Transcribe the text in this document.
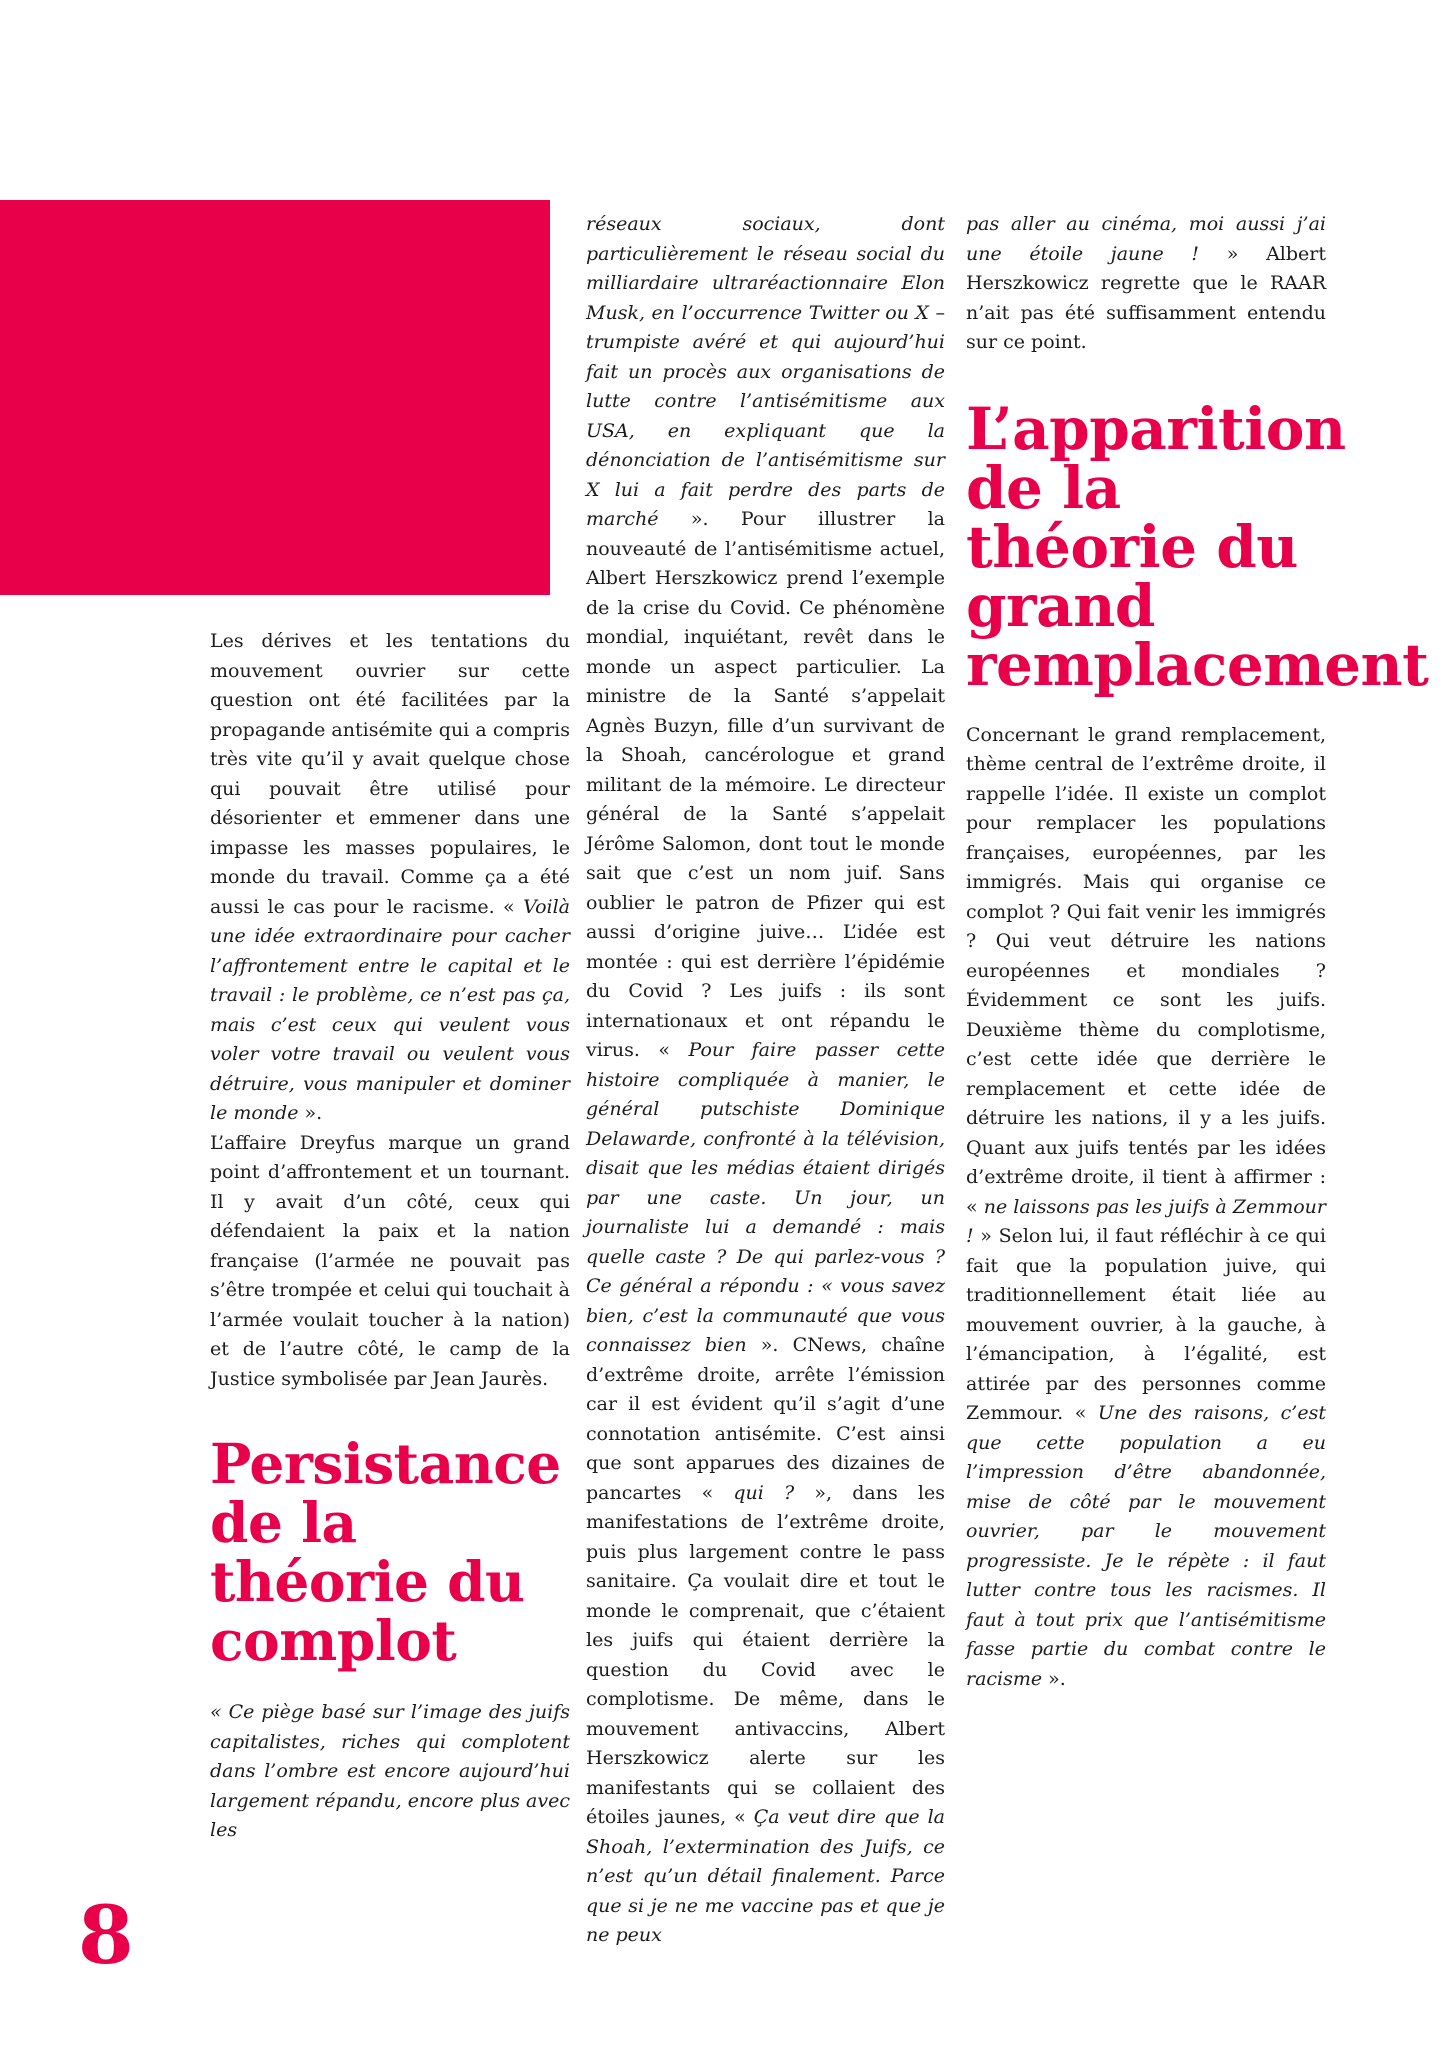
Les dérives et les tentations du mouvement ouvrier sur cette question ont été facilitées par la propagande antisémite qui a compris très vite qu’il y avait quelque chose qui pouvait être utilisé pour désorienter et emmener dans une impasse les masses populaires, le monde du travail. Comme ça a été aussi le cas pour le racisme. « Voilà une idée extraordinaire pour cacher l’affrontement entre le capital et le travail : le problème, ce n’est pas ça, mais c’est ceux qui veulent vous voler votre travail ou veulent vous détruire, vous manipuler et dominer le monde ».

L’affaire Dreyfus marque un grand point d’affrontement et un tournant. Il y avait d’un côté, ceux qui défendaient la paix et la nation française (l’armée ne pouvait pas s’être trompée et celui qui touchait à l’armée voulait toucher à la nation) et de l’autre côté, le camp de la Justice symbolisée par Jean Jaurès.

Persistance de la théorie du complot

« Ce piège basé sur l’image des juifs capitalistes, riches qui complotent dans l’ombre est encore aujourd’hui largement répandu, encore plus avec les

réseaux sociaux, dont particulièrement le réseau social du milliardaire ultraréactionnaire Elon Musk, en l’occurrence Twitter ou X – trumpiste avéré et qui aujourd’hui fait un procès aux organisations de lutte contre l’antisémitisme aux USA, en expliquant que la dénonciation de l’antisémitisme sur X lui a fait perdre des parts de marché ». Pour illustrer la nouveauté de l’antisémitisme actuel, Albert Herszkowicz prend l’exemple de la crise du Covid. Ce phénomène mondial, inquiétant, revêt dans le monde un aspect particulier. La ministre de la Santé s’appelait Agnès Buzyn, fille d’un survivant de la Shoah, cancérologue et grand militant de la mémoire. Le directeur général de la Santé s’appelait Jérôme Salomon, dont tout le monde sait que c’est un nom juif. Sans oublier le patron de Pfizer qui est aussi d’origine juive… L’idée est montée : qui est derrière l’épidémie du Covid ? Les juifs : ils sont internationaux et ont répandu le virus. « Pour faire passer cette histoire compliquée à manier, le général putschiste Dominique Delawarde, confronté à la télévision, disait que les médias étaient dirigés par une caste. Un jour, un journaliste lui a demandé : mais quelle caste ? De qui parlez-vous ? Ce général a répondu : « vous savez bien, c’est la communauté que vous connaissez bien ». CNews, chaîne d’extrême droite, arrête l’émission car il est évident qu’il s’agit d’une connotation antisémite. C’est ainsi que sont apparues des dizaines de pancartes « qui ? », dans les manifestations de l’extrême droite, puis plus largement contre le pass sanitaire. Ça voulait dire et tout le monde le comprenait, que c’étaient les juifs qui étaient derrière la question du Covid avec le complotisme. De même, dans le mouvement antivaccins, Albert Herszkowicz alerte sur les manifestants qui se collaient des étoiles jaunes, « Ça veut dire que la Shoah, l’extermination des Juifs, ce n’est qu’un détail finalement. Parce que si je ne me vaccine pas et que je ne peux

pas aller au cinéma, moi aussi j’ai une étoile jaune ! » Albert Herszkowicz regrette que le RAAR n’ait pas été suffisamment entendu sur ce point.

L’apparition de la théorie du grand remplacement

Concernant le grand remplacement, thème central de l’extrême droite, il rappelle l’idée. Il existe un complot pour remplacer les populations françaises, européennes, par les immigrés. Mais qui organise ce complot ? Qui fait venir les immigrés ? Qui veut détruire les nations européennes et mondiales ? Évidemment ce sont les juifs. Deuxième thème du complotisme, c’est cette idée que derrière le remplacement et cette idée de détruire les nations, il y a les juifs. Quant aux juifs tentés par les idées d’extrême droite, il tient à affirmer : « ne laissons pas les juifs à Zemmour ! » Selon lui, il faut réfléchir à ce qui fait que la population juive, qui traditionnellement était liée au mouvement ouvrier, à la gauche, à l’émancipation, à l’égalité, est attirée par des personnes comme Zemmour. « Une des raisons, c’est que cette population a eu l’impression d’être abandonnée, mise de côté par le mouvement ouvrier, par le mouvement progressiste. Je le répète : il faut lutter contre tous les racismes. Il faut à tout prix que l’antisémitisme fasse partie du combat contre le racisme ».

8
